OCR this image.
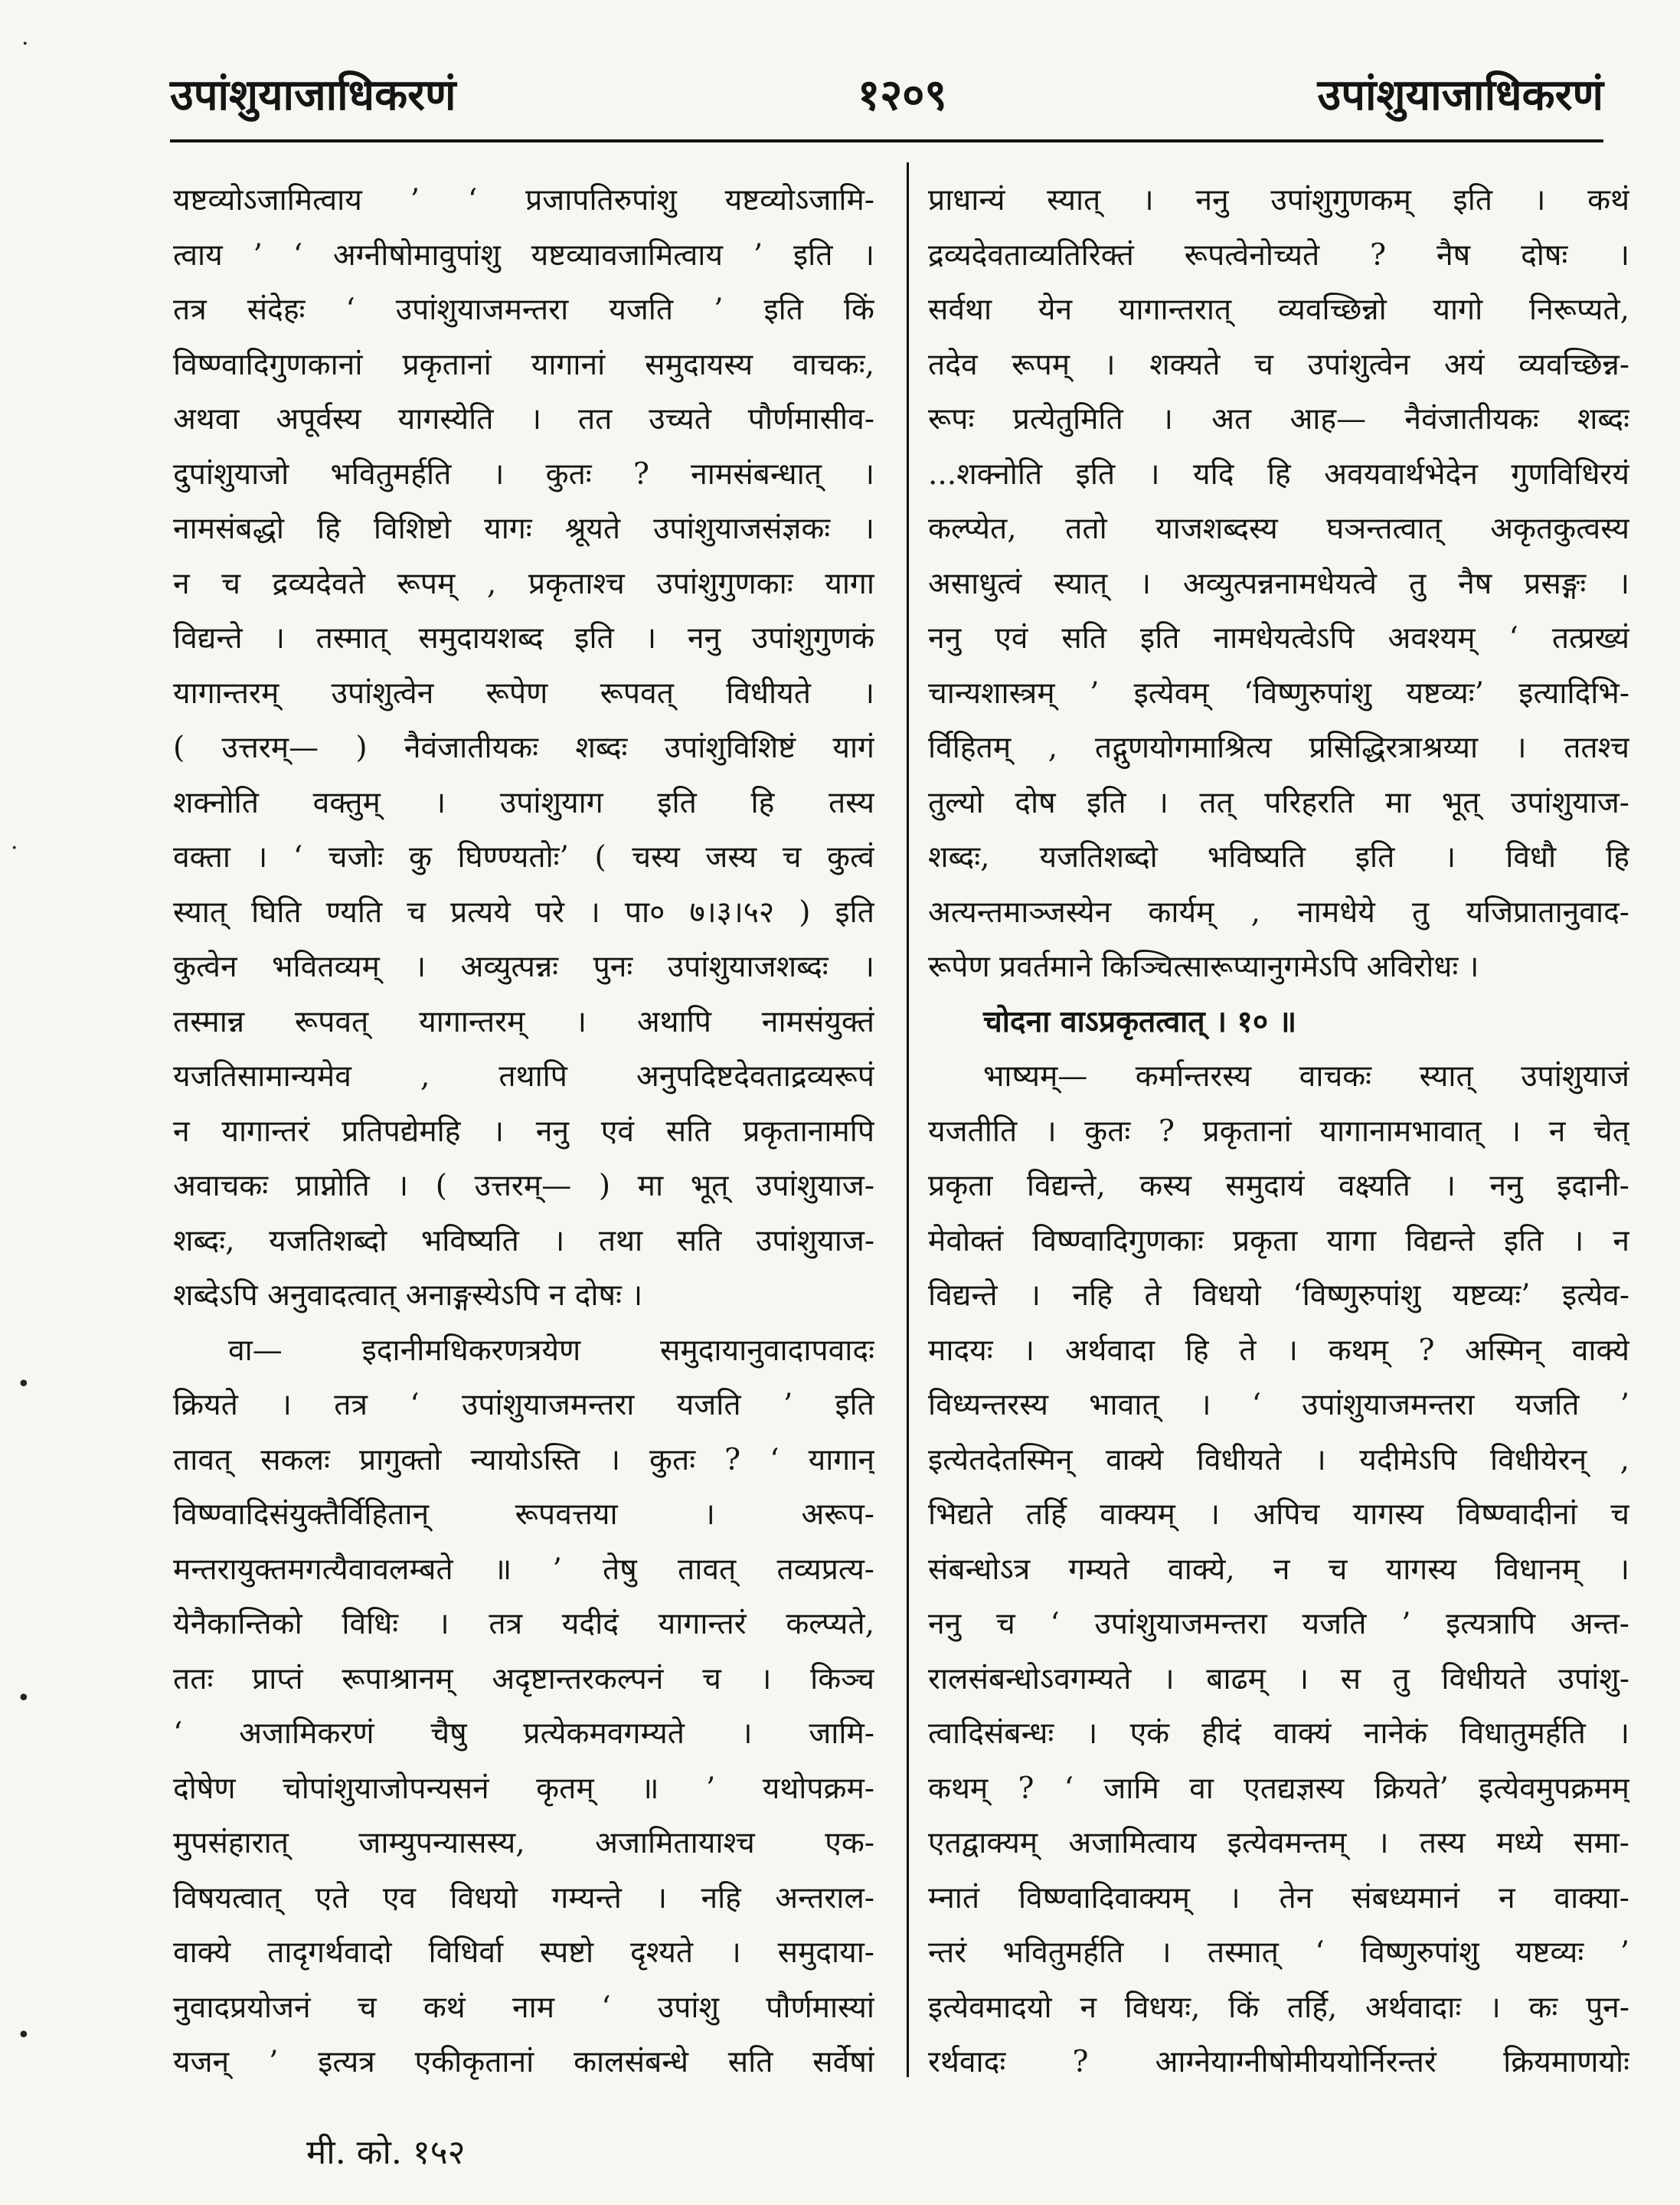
उपांशुयाजाधिकरणं	१२०९	उपांशुयाजाधिकरणं
यष्टव्योऽजामित्वाय ’ ‘ प्रजापतिरुपांशु यष्टव्योऽजामि-
त्वाय ’ ‘ अग्नीषोमावुपांशु यष्टव्यावजामित्वाय ’ इति ।
तत्र संदेहः ‘ उपांशुयाजमन्तरा यजति ’ इति किं
विष्ण्वादिगुणकानां प्रकृतानां यागानां समुदायस्य वाचकः,
अथवा अपूर्वस्य यागस्येति । तत उच्यते पौर्णमासीव-
दुपांशुयाजो भवितुमर्हति । कुतः ? नामसंबन्धात् ।
नामसंबद्धो हि विशिष्टो यागः श्रूयते उपांशुयाजसंज्ञकः ।
न च द्रव्यदेवते रूपम् , प्रकृताश्च उपांशुगुणकाः यागा
विद्यन्ते । तस्मात् समुदायशब्द इति । ननु उपांशुगुणकं
यागान्तरम् उपांशुत्वेन रूपेण रूपवत् विधीयते ।
( उत्तरम्— ) नैवंजातीयकः शब्दः उपांशुविशिष्टं यागं
शक्नोति वक्तुम् । उपांशुयाग इति हि तस्य
वक्ता । ‘ चजोः कु घिण्ण्यतोः’ ( चस्य जस्य च कुत्वं
स्यात् घिति ण्यति च प्रत्यये परे । पा० ७।३।५२ ) इति
कुत्वेन भवितव्यम् । अव्युत्पन्नः पुनः उपांशुयाजशब्दः ।
तस्मान्न रूपवत् यागान्तरम् । अथापि नामसंयुक्तं
यजतिसामान्यमेव , तथापि अनुपदिष्टदेवताद्रव्यरूपं
न यागान्तरं प्रतिपद्येमहि । ननु एवं सति प्रकृतानामपि
अवाचकः प्राप्नोति । ( उत्तरम्— ) मा भूत् उपांशुयाज-
शब्दः, यजतिशब्दो भविष्यति । तथा सति उपांशुयाज-
शब्देऽपि अनुवादत्वात् अनाङ्गस्येऽपि न दोषः ।
वा— इदानीमधिकरणत्रयेण समुदायानुवादापवादः
क्रियते । तत्र ‘ उपांशुयाजमन्तरा यजति ’ इति
तावत् सकलः प्रागुक्तो न्यायोऽस्ति । कुतः ? ‘ यागान्
विष्ण्वादिसंयुक्तैर्विहितान् रूपवत्तया । अरूप-
मन्तरायुक्तमगत्यैवावलम्बते ॥ ’ तेषु तावत् तव्यप्रत्य-
येनैकान्तिको विधिः । तत्र यदीदं यागान्तरं कल्प्यते,
ततः प्राप्तं रूपाश्रानम् अदृष्टान्तरकल्पनं च । किञ्च
‘ अजामिकरणं चैषु प्रत्येकमवगम्यते । जामि-
दोषेण चोपांशुयाजोपन्यसनं कृतम् ॥ ’ यथोपक्रम-
मुपसंहारात् जाम्युपन्यासस्य, अजामितायाश्च एक-
विषयत्वात् एते एव विधयो गम्यन्ते । नहि अन्तराल-
वाक्ये तादृगर्थवादो विधिर्वा स्पष्टो दृश्यते । समुदाया-
नुवादप्रयोजनं च कथं नाम ‘ उपांशु पौर्णमास्यां
यजन् ’ इत्यत्र एकीकृतानां कालसंबन्धे सति सर्वेषां
प्राधान्यं स्यात् । ननु उपांशुगुणकम् इति । कथं
द्रव्यदेवताव्यतिरिक्तं रूपत्वेनोच्यते ? नैष दोषः ।
सर्वथा येन यागान्तरात् व्यवच्छिन्नो यागो निरूप्यते,
तदेव रूपम् । शक्यते च उपांशुत्वेन अयं व्यवच्छिन्न-
रूपः प्रत्येतुमिति । अत आह— नैवंजातीयकः शब्दः
...शक्नोति इति । यदि हि अवयवार्थभेदेन गुणविधिरयं
कल्प्येत, ततो याजशब्दस्य घञन्तत्वात् अकृतकुत्वस्य
असाधुत्वं स्यात् । अव्युत्पन्ननामधेयत्वे तु नैष प्रसङ्गः ।
ननु एवं सति इति नामधेयत्वेऽपि अवश्यम् ‘ तत्प्रख्यं
चान्यशास्त्रम् ’ इत्येवम् ‘विष्णुरुपांशु यष्टव्यः’ इत्यादिभि-
र्विहितम् , तद्गुणयोगमाश्रित्य प्रसिद्धिरत्राश्रय्या । ततश्च
तुल्यो दोष इति । तत् परिहरति मा भूत् उपांशुयाज-
शब्दः, यजतिशब्दो भविष्यति इति । विधौ हि
अत्यन्तमाञ्जस्येन कार्यम् , नामधेये तु यजिप्रातानुवाद-
रूपेण प्रवर्तमाने किञ्चित्सारूप्यानुगमेऽपि अविरोधः ।
चोदना वाऽप्रकृतत्वात् । १० ॥
भाष्यम्— कर्मान्तरस्य वाचकः स्यात् उपांशुयाजं
यजतीति । कुतः ? प्रकृतानां यागानामभावात् । न चेत्
प्रकृता विद्यन्ते, कस्य समुदायं वक्ष्यति । ननु इदानी-
मेवोक्तं विष्ण्वादिगुणकाः प्रकृता यागा विद्यन्ते इति । न
विद्यन्ते । नहि ते विधयो ‘विष्णुरुपांशु यष्टव्यः’ इत्येव-
मादयः । अर्थवादा हि ते । कथम् ? अस्मिन् वाक्ये
विध्यन्तरस्य भावात् । ‘ उपांशुयाजमन्तरा यजति ’
इत्येतदेतस्मिन् वाक्ये विधीयते । यदीमेऽपि विधीयेरन् ,
भिद्यते तर्हि वाक्यम् । अपिच यागस्य विष्ण्वादीनां च
संबन्धोऽत्र गम्यते वाक्ये, न च यागस्य विधानम् ।
ननु च ‘ उपांशुयाजमन्तरा यजति ’ इत्यत्रापि अन्त-
रालसंबन्धोऽवगम्यते । बाढम् । स तु विधीयते उपांशु-
त्वादिसंबन्धः । एकं हीदं वाक्यं नानेकं विधातुमर्हति ।
कथम् ? ‘ जामि वा एतद्यज्ञस्य क्रियते’ इत्येवमुपक्रमम्
एतद्वाक्यम् अजामित्वाय इत्येवमन्तम् । तस्य मध्ये समा-
म्नातं विष्ण्वादिवाक्यम् । तेन संबध्यमानं न वाक्या-
न्तरं भवितुमर्हति । तस्मात् ‘ विष्णुरुपांशु यष्टव्यः ’
इत्येवमादयो न विधयः, किं तर्हि, अर्थवादाः । कः पुन-
रर्थवादः ? आग्नेयाग्नीषोमीययोर्निरन्तरं क्रियमाणयोः
मी. को. १५२
·
·
•
•
•
